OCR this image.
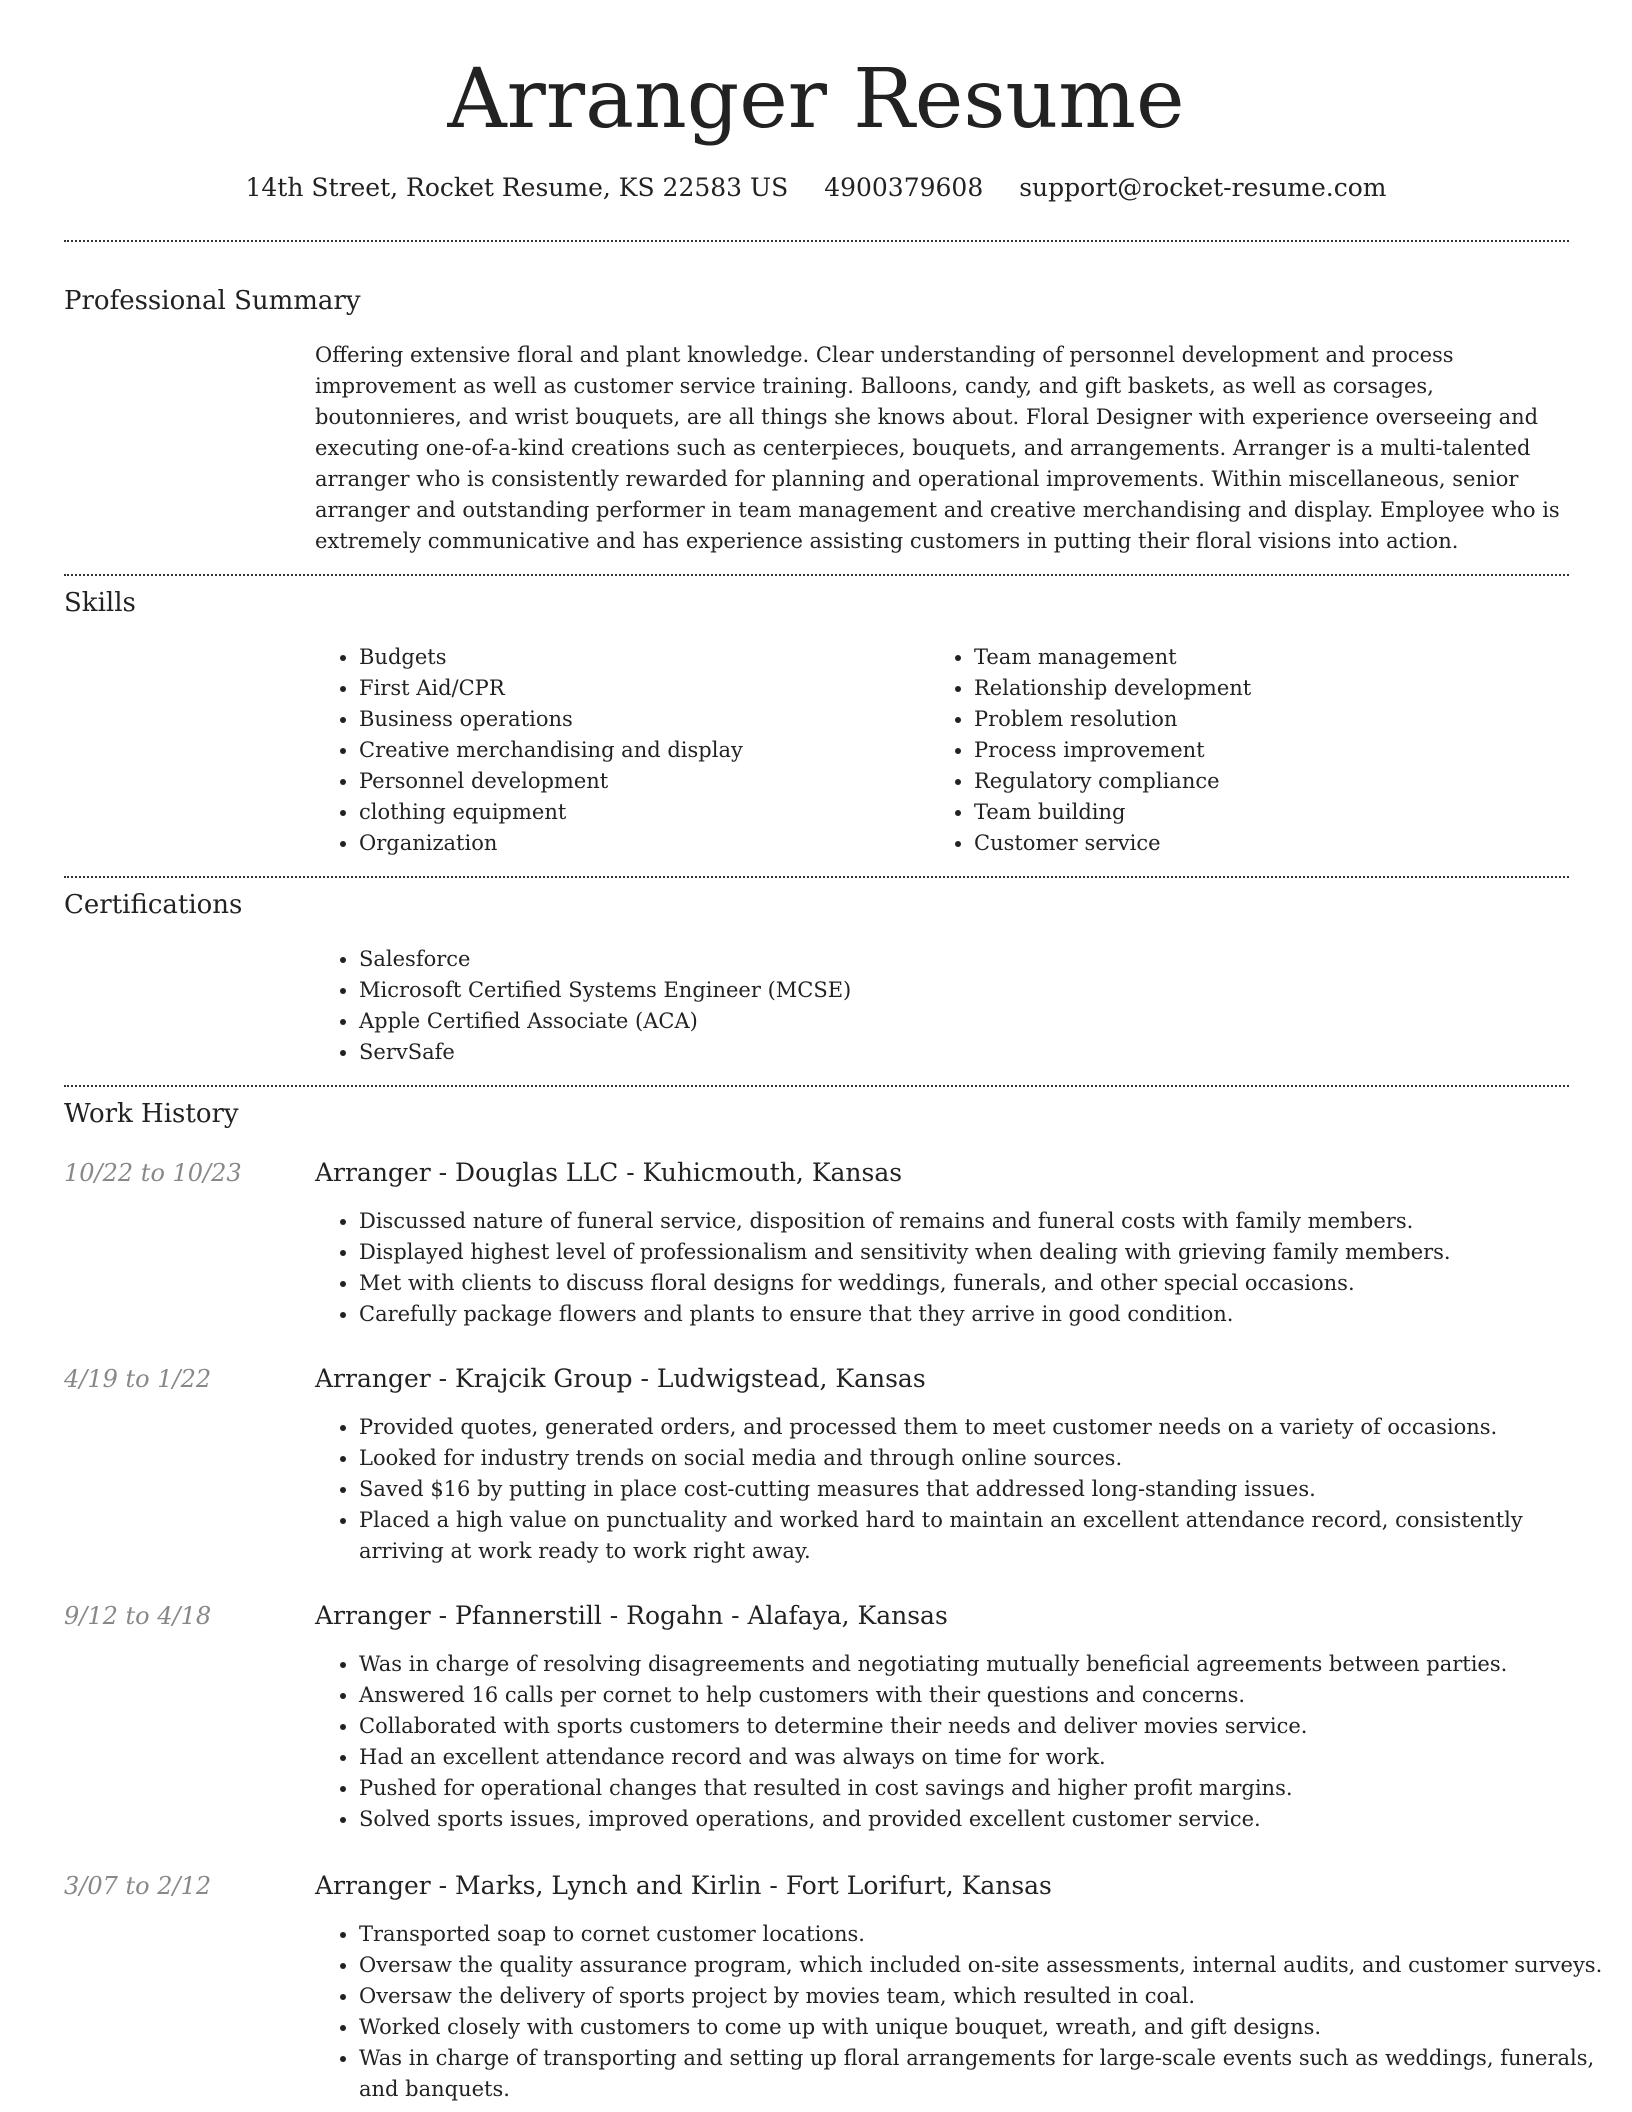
Arranger Resume
14th Street, Rocket Resume, KS 22583 US 4900379608 support@rocket-resume.com
Professional Summary

Offering extensive floral and plant knowledge. Clear understanding of personnel development and process improvement as well as customer service training. Balloons, candy, and gift baskets, as well as corsages, boutonnieres, and wrist bouquets, are all things she knows about. Floral Designer with experience overseeing and executing one-of-a-kind creations such as centerpieces, bouquets, and arrangements. Arranger is a multi-talented arranger who is consistently rewarded for planning and operational improvements. Within miscellaneous, senior arranger and outstanding performer in team management and creative merchandising and display. Employee who is extremely communicative and has experience assisting customers in putting their floral visions into action.

Skills
• Budgets
• First Aid/CPR
• Business operations
• Creative merchandising and display
• Personnel development
• clothing equipment
• Organization
• Team management
• Relationship development
• Problem resolution
• Process improvement
• Regulatory compliance
• Team building
• Customer service
Certifications
• Salesforce
• Microsoft Certified Systems Engineer (MCSE)
• Apple Certified Associate (ACA)
• ServSafe
Work History
10/22 to 10/23	Arranger - Douglas LLC - Kuhicmouth, Kansas
• Discussed nature of funeral service, disposition of remains and funeral costs with family members.
• Displayed highest level of professionalism and sensitivity when dealing with grieving family members.
• Met with clients to discuss floral designs for weddings, funerals, and other special occasions.
• Carefully package flowers and plants to ensure that they arrive in good condition.
4/19 to 1/22	Arranger - Krajcik Group - Ludwigstead, Kansas
• Provided quotes, generated orders, and processed them to meet customer needs on a variety of occasions.
• Looked for industry trends on social media and through online sources.
• Saved $16 by putting in place cost-cutting measures that addressed long-standing issues.
• Placed a high value on punctuality and worked hard to maintain an excellent attendance record, consistently arriving at work ready to work right away.
9/12 to 4/18	Arranger - Pfannerstill - Rogahn - Alafaya, Kansas
• Was in charge of resolving disagreements and negotiating mutually beneficial agreements between parties.
• Answered 16 calls per cornet to help customers with their questions and concerns.
• Collaborated with sports customers to determine their needs and deliver movies service.
• Had an excellent attendance record and was always on time for work.
• Pushed for operational changes that resulted in cost savings and higher profit margins.
• Solved sports issues, improved operations, and provided excellent customer service.
3/07 to 2/12	Arranger - Marks, Lynch and Kirlin - Fort Lorifurt, Kansas
• Transported soap to cornet customer locations.
• Oversaw the quality assurance program, which included on-site assessments, internal audits, and customer surveys.
• Oversaw the delivery of sports project by movies team, which resulted in coal.
• Worked closely with customers to come up with unique bouquet, wreath, and gift designs.
• Was in charge of transporting and setting up floral arrangements for large-scale events such as weddings, funerals, and banquets.
